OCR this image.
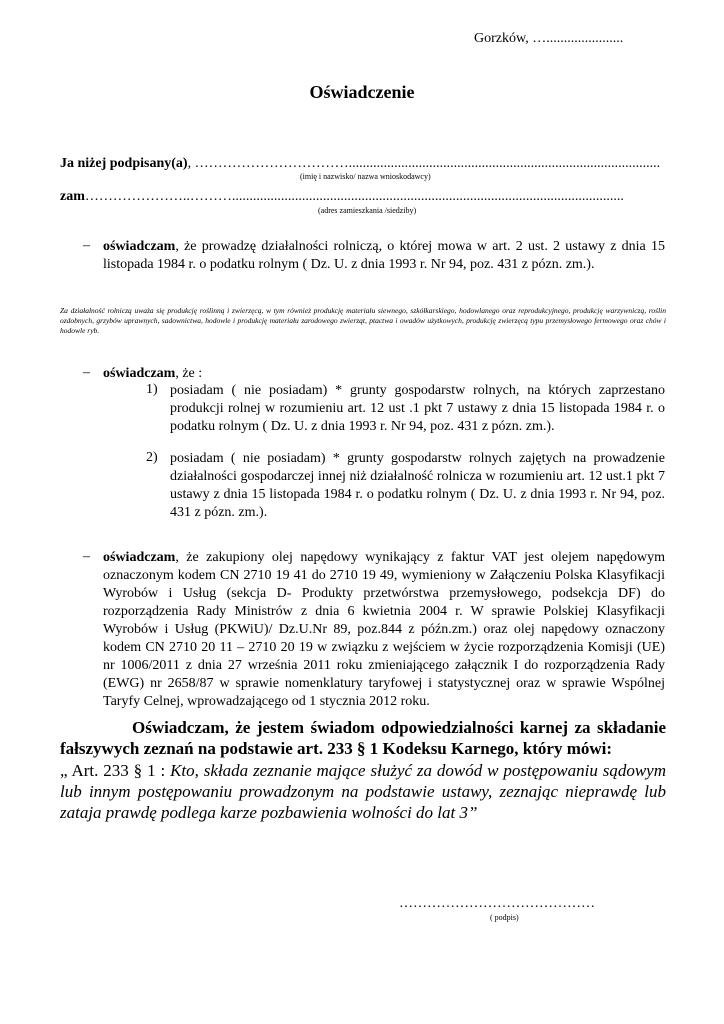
Gorzków, …......................
Oświadczenie
Ja niżej podpisany(a), …………………………….........................................................................................
(imię i nazwisko/ nazwa wnioskodawcy)
zam…………………..………................................................................................................................
(adres zamieszkania /siedziby)
– oświadczam, że prowadzę działalności rolniczą, o której mowa w art. 2 ust. 2 ustawy z dnia 15 listopada 1984 r. o podatku rolnym ( Dz. U. z dnia 1993 r. Nr 94, poz. 431 z pózn. zm.).
Za działalność rolniczą uważa się produkcję roślinną i zwierzęcą, w tym również produkcję materiału siewnego, szkółkarskiego, hodowlanego oraz reprodukcyjnego, produkcję warzywniczą, roślin ozdobnych, grzybów uprawnych, sadownictwa, hodowle i produkcję materiału zarodowego zwierząt, ptactwa i owadów użytkowych, produkcję zwierzęcą typu przemysłowego fermowego oraz chów i hodowle ryb.
– oświadczam, że :
1) posiadam ( nie posiadam) * grunty gospodarstw rolnych, na których zaprzestano produkcji rolnej w rozumieniu art. 12 ust .1 pkt 7 ustawy z dnia 15 listopada 1984 r. o podatku rolnym ( Dz. U. z dnia 1993 r. Nr 94, poz. 431 z pózn. zm.).
2) posiadam ( nie posiadam) * grunty gospodarstw rolnych zajętych na prowadzenie działalności gospodarczej innej niż działalność rolnicza w rozumieniu art. 12 ust.1 pkt 7 ustawy z dnia 15 listopada 1984 r. o podatku rolnym ( Dz. U. z dnia 1993 r. Nr 94, poz. 431 z pózn. zm.).
– oświadczam, że zakupiony olej napędowy wynikający z faktur VAT jest olejem napędowym oznaczonym kodem CN 2710 19 41 do 2710 19 49, wymieniony w Załączeniu Polska Klasyfikacji Wyrobów i Usług (sekcja D- Produkty przetwórstwa przemysłowego, podsekcja DF) do rozporządzenia Rady Ministrów z dnia 6 kwietnia 2004 r. W sprawie Polskiej Klasyfikacji Wyrobów i Usług (PKWiU)/ Dz.U.Nr 89, poz.844 z późn.zm.) oraz olej napędowy oznaczony kodem CN 2710 20 11 – 2710 20 19 w związku z wejściem w życie rozporządzenia Komisji (UE) nr 1006/2011 z dnia 27 września 2011 roku zmieniającego załącznik I do rozporządzenia Rady (EWG) nr 2658/87 w sprawie nomenklatury taryfowej i statystycznej oraz w sprawie Wspólnej Taryfy Celnej, wprowadzającego od 1 stycznia 2012 roku.
Oświadczam, że jestem świadom odpowiedzialności karnej za składanie fałszywych zeznań na podstawie art. 233 § 1 Kodeksu Karnego, który mówi:
„ Art. 233 § 1 : Kto, składa zeznanie mające służyć za dowód w postępowaniu sądowym lub innym postępowaniu prowadzonym na podstawie ustawy, zeznając nieprawdę lub zataja prawdę podlega karze pozbawienia wolności do lat 3”
……………………………………
( podpis)
